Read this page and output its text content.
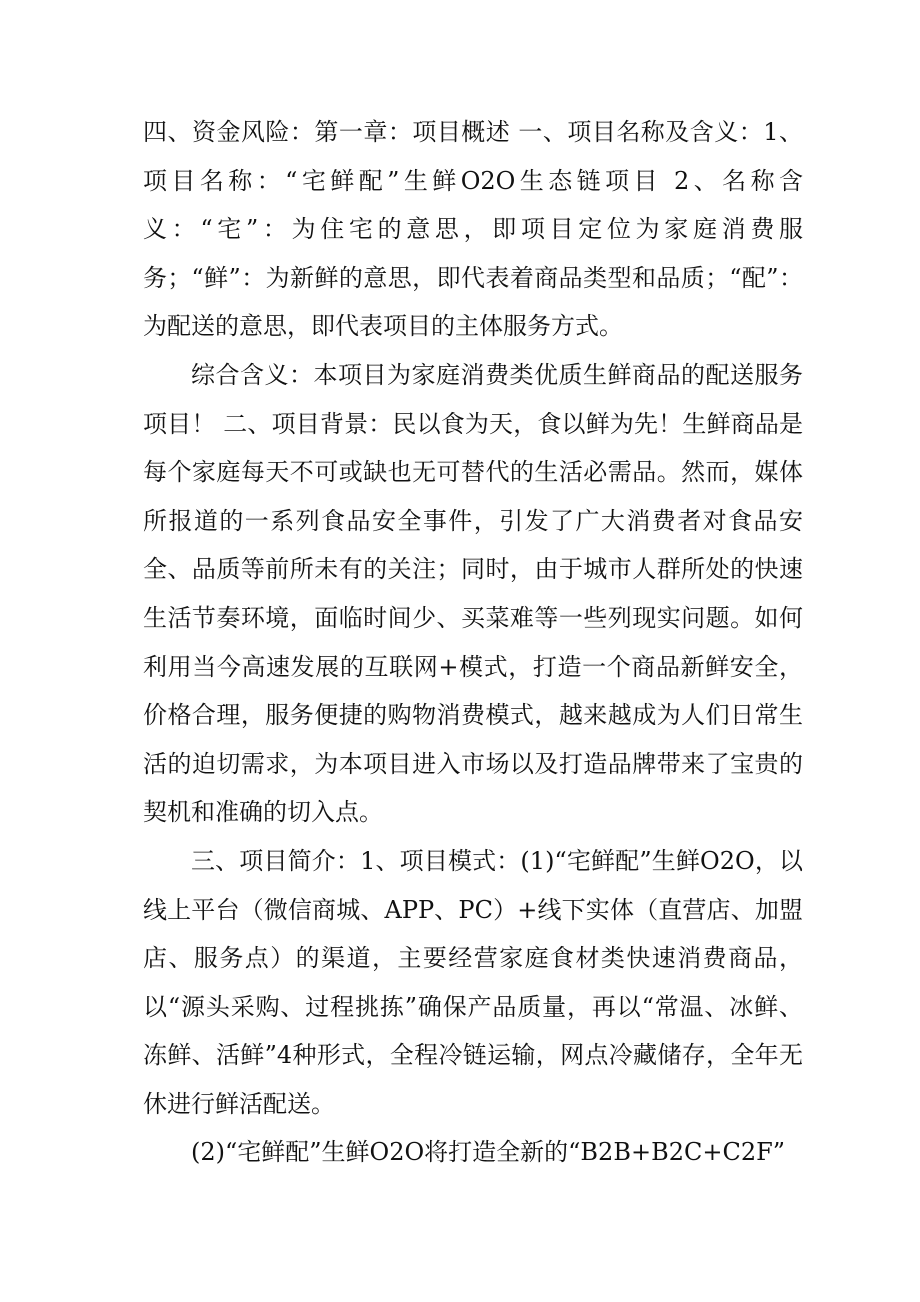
四、资金风险：第一章：项目概述 一、项目名称及含义：1、项目名称：“宅鲜配”生鲜O2O生态链项目 2、名称含义：“宅”：为住宅的意思，即项目定位为家庭消费服务；“鲜”：为新鲜的意思，即代表着商品类型和品质；“配”：为配送的意思，即代表项目的主体服务方式。

综合含义：本项目为家庭消费类优质生鲜商品的配送服务项目！ 二、项目背景：民以食为天，食以鲜为先！生鲜商品是每个家庭每天不可或缺也无可替代的生活必需品。然而，媒体所报道的一系列食品安全事件，引发了广大消费者对食品安全、品质等前所未有的关注；同时，由于城市人群所处的快速生活节奏环境，面临时间少、买菜难等一些列现实问题。如何利用当今高速发展的互联网+模式，打造一个商品新鲜安全，价格合理，服务便捷的购物消费模式，越来越成为人们日常生活的迫切需求，为本项目进入市场以及打造品牌带来了宝贵的契机和准确的切入点。

三、项目简介：1、项目模式：(1)“宅鲜配”生鲜O2O，以线上平台（微信商城、APP、PC）+线下实体（直营店、加盟店、服务点）的渠道，主要经营家庭食材类快速消费商品，以“源头采购、过程挑拣”确保产品质量，再以“常温、冰鲜、冻鲜、活鲜”4种形式，全程冷链运输，网点冷藏储存，全年无休进行鲜活配送。

(2)“宅鲜配”生鲜O2O将打造全新的“B2B+B2C+C2F”
